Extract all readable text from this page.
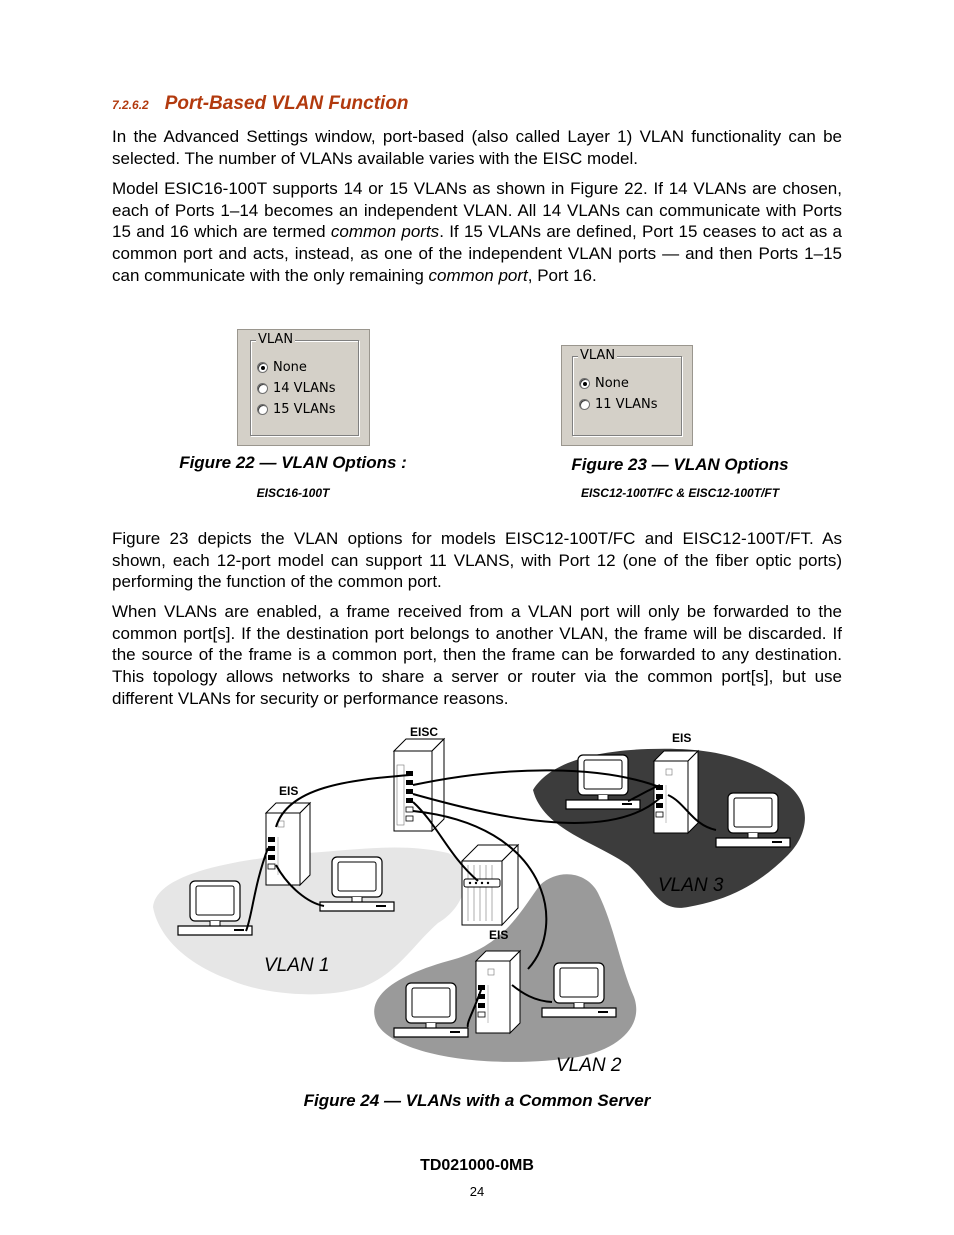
7.2.6.2 Port-Based VLAN Function

In the Advanced Settings window, port-based (also called Layer 1) VLAN functionality can be selected. The number of VLANs available varies with the EISC model.

Model ESIC16-100T supports 14 or 15 VLANs as shown in Figure 22. If 14 VLANs are chosen, each of Ports 1–14 becomes an independent VLAN. All 14 VLANs can communicate with Ports 15 and 16 which are termed common ports. If 15 VLANs are defined, Port 15 ceases to act as a common port and acts, instead, as one of the independent VLAN ports — and then Ports 1–15 can communicate with the only remaining common port, Port 16.

VLAN
None
14 VLANs
15 VLANs
VLAN
None
11 VLANs
Figure 22 — VLAN Options :
EISC16-100T
Figure 23 — VLAN Options
EISC12-100T/FC & EISC12-100T/FT

Figure 23 depicts the VLAN options for models EISC12-100T/FC and EISC12-100T/FT. As shown, each 12-port model can support 11 VLANS, with Port 12 (one of the fiber optic ports) performing the function of the common port.

When VLANs are enabled, a frame received from a VLAN port will only be forwarded to the common port[s]. If the destination port belongs to another VLAN, the frame will be discarded. If the source of the frame is a common port, then the frame can be forwarded to any destination. This topology allows networks to share a server or router via the common port[s], but use different VLANs for security or performance reasons.

EISC
EIS
EIS
EIS
VLAN 1
VLAN 2
VLAN 3
Figure 24 — VLANs with a Common Server
TD021000-0MB
24
